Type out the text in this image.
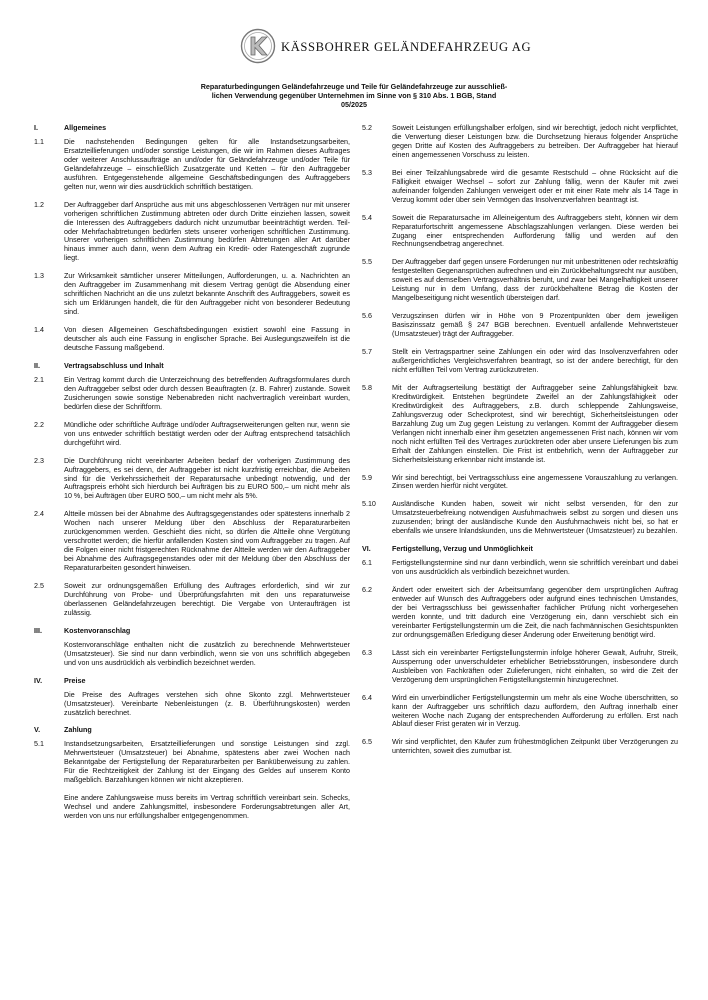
KÄSSBOHRER GELÄNDEFAHRZEUG AG
Reparaturbedingungen Geländefahrzeuge und Teile für Geländefahrzeuge zur ausschließ-
lichen Verwendung gegenüber Unternehmen im Sinne von § 310 Abs. 1 BGB, Stand
05/2025
I.	Allgemeines
1.1	Die nachstehenden Bedingungen gelten für alle Instandsetzungsarbeiten, Ersatzteillieferungen und/oder sonstige Leistungen, die wir im Rahmen dieses Auftrages oder weiterer Anschlussaufträge an und/oder für Geländefahrzeuge und/oder Teile für Geländefahrzeuge – einschließlich Zusatzgeräte und Ketten – für den Auftraggeber ausführen. Entgegenstehende allgemeine Geschäftsbedingungen des Auftraggebers gelten nur, wenn wir dies ausdrücklich schriftlich bestätigen.
1.2	Der Auftraggeber darf Ansprüche aus mit uns abgeschlossenen Verträgen nur mit unserer vorherigen schriftlichen Zustimmung abtreten oder durch Dritte einziehen lassen, soweit die Interessen des Auftraggebers dadurch nicht unzumutbar beeinträchtigt werden. Teil- oder Mehrfachabtretungen bedürfen stets unserer vorherigen schriftlichen Zustimmung. Unserer vorherigen schriftlichen Zustimmung bedürfen Abtretungen aller Art darüber hinaus immer auch dann, wenn dem Auftrag ein Kredit- oder Ratengeschäft zugrunde liegt.
1.3	Zur Wirksamkeit sämtlicher unserer Mitteilungen, Aufforderungen, u. a. Nachrichten an den Auftraggeber im Zusammenhang mit diesem Vertrag genügt die Absendung einer schriftlichen Nachricht an die uns zuletzt bekannte Anschrift des Auftraggebers, soweit es sich um Erklärungen handelt, die für den Auftraggeber nicht von besonderer Bedeutung sind.
1.4	Von diesen Allgemeinen Geschäftsbedingungen existiert sowohl eine Fassung in deutscher als auch eine Fassung in englischer Sprache. Bei Auslegungszweifeln ist die deutsche Fassung maßgebend.
II.	Vertragsabschluss und Inhalt
2.1	Ein Vertrag kommt durch die Unterzeichnung des betreffenden Auftragsformulares durch den Auftraggeber selbst oder durch dessen Beauftragten (z. B. Fahrer) zustande. Soweit Zusicherungen sowie sonstige Nebenabreden nicht nachvertraglich vereinbart wurden, bedürfen diese der Schriftform.
2.2	Mündliche oder schriftliche Aufträge und/oder Auftragserweiterungen gelten nur, wenn sie von uns entweder schriftlich bestätigt werden oder der Auftrag entsprechend tatsächlich durchgeführt wird.
2.3	Die Durchführung nicht vereinbarter Arbeiten bedarf der vorherigen Zustimmung des Auftraggebers, es sei denn, der Auftraggeber ist nicht kurzfristig erreichbar, die Arbeiten sind für die Verkehrssicherheit der Reparatursache unbedingt notwendig, und der Auftragspreis erhöht sich hierdurch bei Aufträgen bis zu EURO 500,– um nicht mehr als 10 %, bei Aufträgen über EURO 500,– um nicht mehr als 5%.
2.4	Altteile müssen bei der Abnahme des Auftragsgegenstandes oder spätestens innerhalb 2 Wochen nach unserer Meldung über den Abschluss der Reparaturarbeiten zurückgenommen werden. Geschieht dies nicht, so dürfen die Altteile ohne Vergütung verschrottet werden; die hierfür anfallenden Kosten sind vom Auftraggeber zu tragen. Auf die Folgen einer nicht fristgerechten Rücknahme der Altteile werden wir den Auftraggeber bei Abnahme des Auftragsgegenstandes oder mit der Meldung über den Abschluss der Reparaturarbeiten gesondert hinweisen.
2.5	Soweit zur ordnungsgemäßen Erfüllung des Auftrages erforderlich, sind wir zur Durchführung von Probe- und Überprüfungsfahrten mit den uns reparaturweise überlassenen Geländefahrzeugen berechtigt. Die Vergabe von Unteraufträgen ist zulässig.
III.	Kostenvoranschlag
Kostenvoranschläge enthalten nicht die zusätzlich zu berechnende Mehrwertsteuer (Umsatzsteuer). Sie sind nur dann verbindlich, wenn sie von uns schriftlich abgegeben und von uns ausdrücklich als verbindlich bezeichnet werden.
IV.	Preise
Die Preise des Auftrages verstehen sich ohne Skonto zzgl. Mehrwertsteuer (Umsatzsteuer). Vereinbarte Nebenleistungen (z. B. Überführungskosten) werden zusätzlich berechnet.
V.	Zahlung
5.1	Instandsetzungsarbeiten, Ersatzteillieferungen und sonstige Leistungen sind zzgl. Mehrwertsteuer (Umsatzsteuer) bei Abnahme, spätestens aber zwei Wochen nach Bekanntgabe der Fertigstellung der Reparaturarbeiten per Banküberweisung zu zahlen. Für die Rechtzeitigkeit der Zahlung ist der Eingang des Geldes auf unserem Konto maßgeblich. Barzahlungen können wir nicht akzeptieren.
Eine andere Zahlungsweise muss bereits im Vertrag schriftlich vereinbart sein. Schecks, Wechsel und andere Zahlungsmittel, insbesondere Forderungsabtretungen aller Art, werden von uns nur erfüllungshalber entgegengenommen.
5.2	Soweit Leistungen erfüllungshalber erfolgen, sind wir berechtigt, jedoch nicht verpflichtet, die Verwertung dieser Leistungen bzw. die Durchsetzung hieraus folgender Ansprüche gegen Dritte auf Kosten des Auftraggebers zu betreiben. Der Auftraggeber hat hierauf einen angemessenen Vorschuss zu leisten.
5.3	Bei einer Teilzahlungsabrede wird die gesamte Restschuld – ohne Rücksicht auf die Fälligkeit etwaiger Wechsel – sofort zur Zahlung fällig, wenn der Käufer mit zwei aufeinander folgenden Zahlungen verweigert oder er mit einer Rate mehr als 14 Tage in Verzug kommt oder über sein Vermögen das Insolvenzverfahren beantragt ist.
5.4	Soweit die Reparatursache im Alleineigentum des Auftraggebers steht, können wir dem Reparaturfortschritt angemessene Abschlagszahlungen verlangen. Diese werden bei Zugang einer entsprechenden Aufforderung fällig und werden auf den Rechnungsendbetrag angerechnet.
5.5	Der Auftraggeber darf gegen unsere Forderungen nur mit unbestrittenen oder rechtskräftig festgestellten Gegenansprüchen aufrechnen und ein Zurückbehaltungsrecht nur ausüben, soweit es auf demselben Vertragsverhältnis beruht, und zwar bei Mangelhaftigkeit unserer Leistung nur in dem Umfang, dass der zurückbehaltene Betrag die Kosten der Mangelbeseitigung nicht wesentlich übersteigen darf.
5.6	Verzugszinsen dürfen wir in Höhe von 9 Prozentpunkten über dem jeweiligen Basiszinssatz gemäß § 247 BGB berechnen. Eventuell anfallende Mehrwertsteuer (Umsatzsteuer) trägt der Auftraggeber.
5.7	Stellt ein Vertragspartner seine Zahlungen ein oder wird das Insolvenzverfahren oder außergerichtliches Vergleichsverfahren beantragt, so ist der andere berechtigt, für den nicht erfüllten Teil vom Vertrag zurückzutreten.
5.8	Mit der Auftragserteilung bestätigt der Auftraggeber seine Zahlungsfähigkeit bzw. Kreditwürdigkeit. Entstehen begründete Zweifel an der Zahlungsfähigkeit oder Kreditwürdigkeit des Auftraggebers, z.B. durch schleppende Zahlungsweise, Zahlungsverzug oder Scheckprotest, sind wir berechtigt, Sicherheitsleistungen oder Barzahlung Zug um Zug gegen Leistung zu verlangen. Kommt der Auftraggeber diesem Verlangen nicht innerhalb einer ihm gesetzten angemessenen Frist nach, können wir vom noch nicht erfüllten Teil des Vertrages zurücktreten oder aber unsere Lieferungen bis zum Erhalt der Zahlungen einstellen. Die Frist ist entbehrlich, wenn der Auftraggeber zur Sicherheitsleistung erkennbar nicht imstande ist.
5.9	Wir sind berechtigt, bei Vertragsschluss eine angemessene Vorauszahlung zu verlangen. Zinsen werden hierfür nicht vergütet.
5.10	Ausländische Kunden haben, soweit wir nicht selbst versenden, für den zur Umsatzsteuerbefreiung notwendigen Ausfuhrnachweis selbst zu sorgen und diesen uns zuzusenden; bringt der ausländische Kunde den Ausfuhrnachweis nicht bei, so hat er ebenfalls wie unsere Inlandskunden, uns die Mehrwertsteuer (Umsatzsteuer) zu bezahlen.
VI.	Fertigstellung, Verzug und Unmöglichkeit
6.1	Fertigstellungstermine sind nur dann verbindlich, wenn sie schriftlich vereinbart und dabei von uns ausdrücklich als verbindlich bezeichnet wurden.
6.2	Ändert oder erweitert sich der Arbeitsumfang gegenüber dem ursprünglichen Auftrag entweder auf Wunsch des Auftraggebers oder aufgrund eines technischen Umstandes, der bei Vertragsschluss bei gewissenhafter fachlicher Prüfung nicht vorhergesehen werden konnte, und tritt dadurch eine Verzögerung ein, dann verschiebt sich ein vereinbarter Fertigstellungstermin um die Zeit, die nach fachmännischen Gesichtspunkten zur ordnungsgemäßen Erledigung dieser Änderung oder Erweiterung benötigt wird.
6.3	Lässt sich ein vereinbarter Fertigstellungstermin infolge höherer Gewalt, Aufruhr, Streik, Aussperrung oder unverschuldeter erheblicher Betriebsstörungen, insbesondere durch Ausbleiben von Fachkräften oder Zulieferungen, nicht einhalten, so wird die Zeit der Verzögerung dem ursprünglichen Fertigstellungstermin hinzugerechnet.
6.4	Wird ein unverbindlicher Fertigstellungstermin um mehr als eine Woche überschritten, so kann der Auftraggeber uns schriftlich dazu auffordern, den Auftrag innerhalb einer weiteren Woche nach Zugang der entsprechenden Aufforderung zu erfüllen. Erst nach Ablauf dieser Frist geraten wir in Verzug.
6.5	Wir sind verpflichtet, den Käufer zum frühestmöglichen Zeitpunkt über Verzögerungen zu unterrichten, soweit dies zumutbar ist.
